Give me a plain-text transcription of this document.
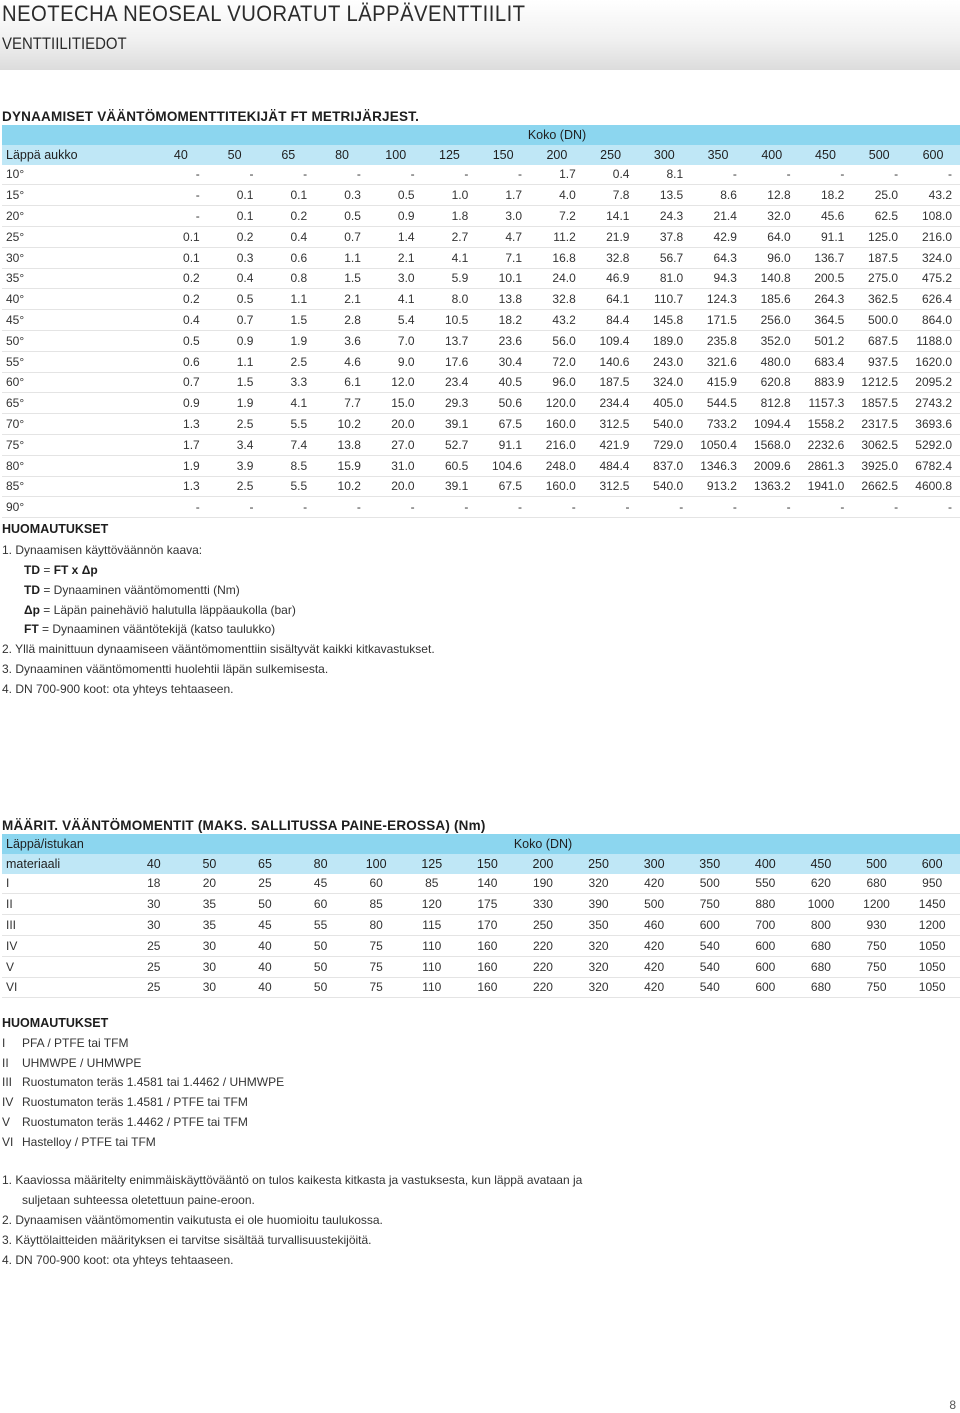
NEOTECHA NEOSEAL VUORATUT LÄPPÄVENTTIILIT
VENTTIILITIEDOT
DYNAAMISET VÄÄNTÖMOMENTTITEKIJÄT FT METRIJÄRJEST.
	Koko (DN)														
Läppä aukko	40	50	65	80	100	125	150	200	250	300	350	400	450	500	600
10°	-	-	-	-	-	-	-	1.7	0.4	8.1	-	-	-	-	-
15°	-	0.1	0.1	0.3	0.5	1.0	1.7	4.0	7.8	13.5	8.6	12.8	18.2	25.0	43.2
20°	-	0.1	0.2	0.5	0.9	1.8	3.0	7.2	14.1	24.3	21.4	32.0	45.6	62.5	108.0
25°	0.1	0.2	0.4	0.7	1.4	2.7	4.7	11.2	21.9	37.8	42.9	64.0	91.1	125.0	216.0
30°	0.1	0.3	0.6	1.1	2.1	4.1	7.1	16.8	32.8	56.7	64.3	96.0	136.7	187.5	324.0
35°	0.2	0.4	0.8	1.5	3.0	5.9	10.1	24.0	46.9	81.0	94.3	140.8	200.5	275.0	475.2
40°	0.2	0.5	1.1	2.1	4.1	8.0	13.8	32.8	64.1	110.7	124.3	185.6	264.3	362.5	626.4
45°	0.4	0.7	1.5	2.8	5.4	10.5	18.2	43.2	84.4	145.8	171.5	256.0	364.5	500.0	864.0
50°	0.5	0.9	1.9	3.6	7.0	13.7	23.6	56.0	109.4	189.0	235.8	352.0	501.2	687.5	1188.0
55°	0.6	1.1	2.5	4.6	9.0	17.6	30.4	72.0	140.6	243.0	321.6	480.0	683.4	937.5	1620.0
60°	0.7	1.5	3.3	6.1	12.0	23.4	40.5	96.0	187.5	324.0	415.9	620.8	883.9	1212.5	2095.2
65°	0.9	1.9	4.1	7.7	15.0	29.3	50.6	120.0	234.4	405.0	544.5	812.8	1157.3	1857.5	2743.2
70°	1.3	2.5	5.5	10.2	20.0	39.1	67.5	160.0	312.5	540.0	733.2	1094.4	1558.2	2317.5	3693.6
75°	1.7	3.4	7.4	13.8	27.0	52.7	91.1	216.0	421.9	729.0	1050.4	1568.0	2232.6	3062.5	5292.0
80°	1.9	3.9	8.5	15.9	31.0	60.5	104.6	248.0	484.4	837.0	1346.3	2009.6	2861.3	3925.0	6782.4
85°	1.3	2.5	5.5	10.2	20.0	39.1	67.5	160.0	312.5	540.0	913.2	1363.2	1941.0	2662.5	4600.8
90°	-	-	-	-	-	-	-	-	-	-	-	-	-	-	-
HUOMAUTUKSET
1. Dynaamisen käyttöväännön kaava:
TD = FT x Δp
TD = Dynaaminen vääntömomentti (Nm)
Δp = Läpän painehäviö halutulla läppäaukolla (bar)
FT = Dynaaminen vääntötekijä (katso taulukko)
2. Yllä mainittuun dynaamiseen vääntömomenttiin sisältyvät kaikki kitkavastukset.
3. Dynaaminen vääntömomentti huolehtii läpän sulkemisesta.
4. DN 700-900 koot: ota yhteys tehtaaseen.
MÄÄRIT. VÄÄNTÖMOMENTIT (MAKS. SALLITUSSA PAINE-EROSSA) (Nm)
Läppä/istukan	Koko (DN)														
materiaali	40	50	65	80	100	125	150	200	250	300	350	400	450	500	600
I	18	20	25	45	60	85	140	190	320	420	500	550	620	680	950
II	30	35	50	60	85	120	175	330	390	500	750	880	1000	1200	1450
III	30	35	45	55	80	115	170	250	350	460	600	700	800	930	1200
IV	25	30	40	50	75	110	160	220	320	420	540	600	680	750	1050
V	25	30	40	50	75	110	160	220	320	420	540	600	680	750	1050
VI	25	30	40	50	75	110	160	220	320	420	540	600	680	750	1050
HUOMAUTUKSET
I PFA / PTFE tai TFM
II UHMWPE / UHMWPE
III Ruostumaton teräs 1.4581 tai 1.4462 / UHMWPE
IV Ruostumaton teräs 1.4581 / PTFE tai TFM
V Ruostumaton teräs 1.4462 / PTFE tai TFM
VI Hastelloy / PTFE tai TFM
1. Kaaviossa määritelty enimmäiskäyttövääntö on tulos kaikesta kitkasta ja vastuksesta, kun läppä avataan ja
suljetaan suhteessa oletettuun paine-eroon.
2. Dynaamisen vääntömomentin vaikutusta ei ole huomioitu taulukossa.
3. Käyttölaitteiden määrityksen ei tarvitse sisältää turvallisuustekijöitä.
4. DN 700-900 koot: ota yhteys tehtaaseen.
8
